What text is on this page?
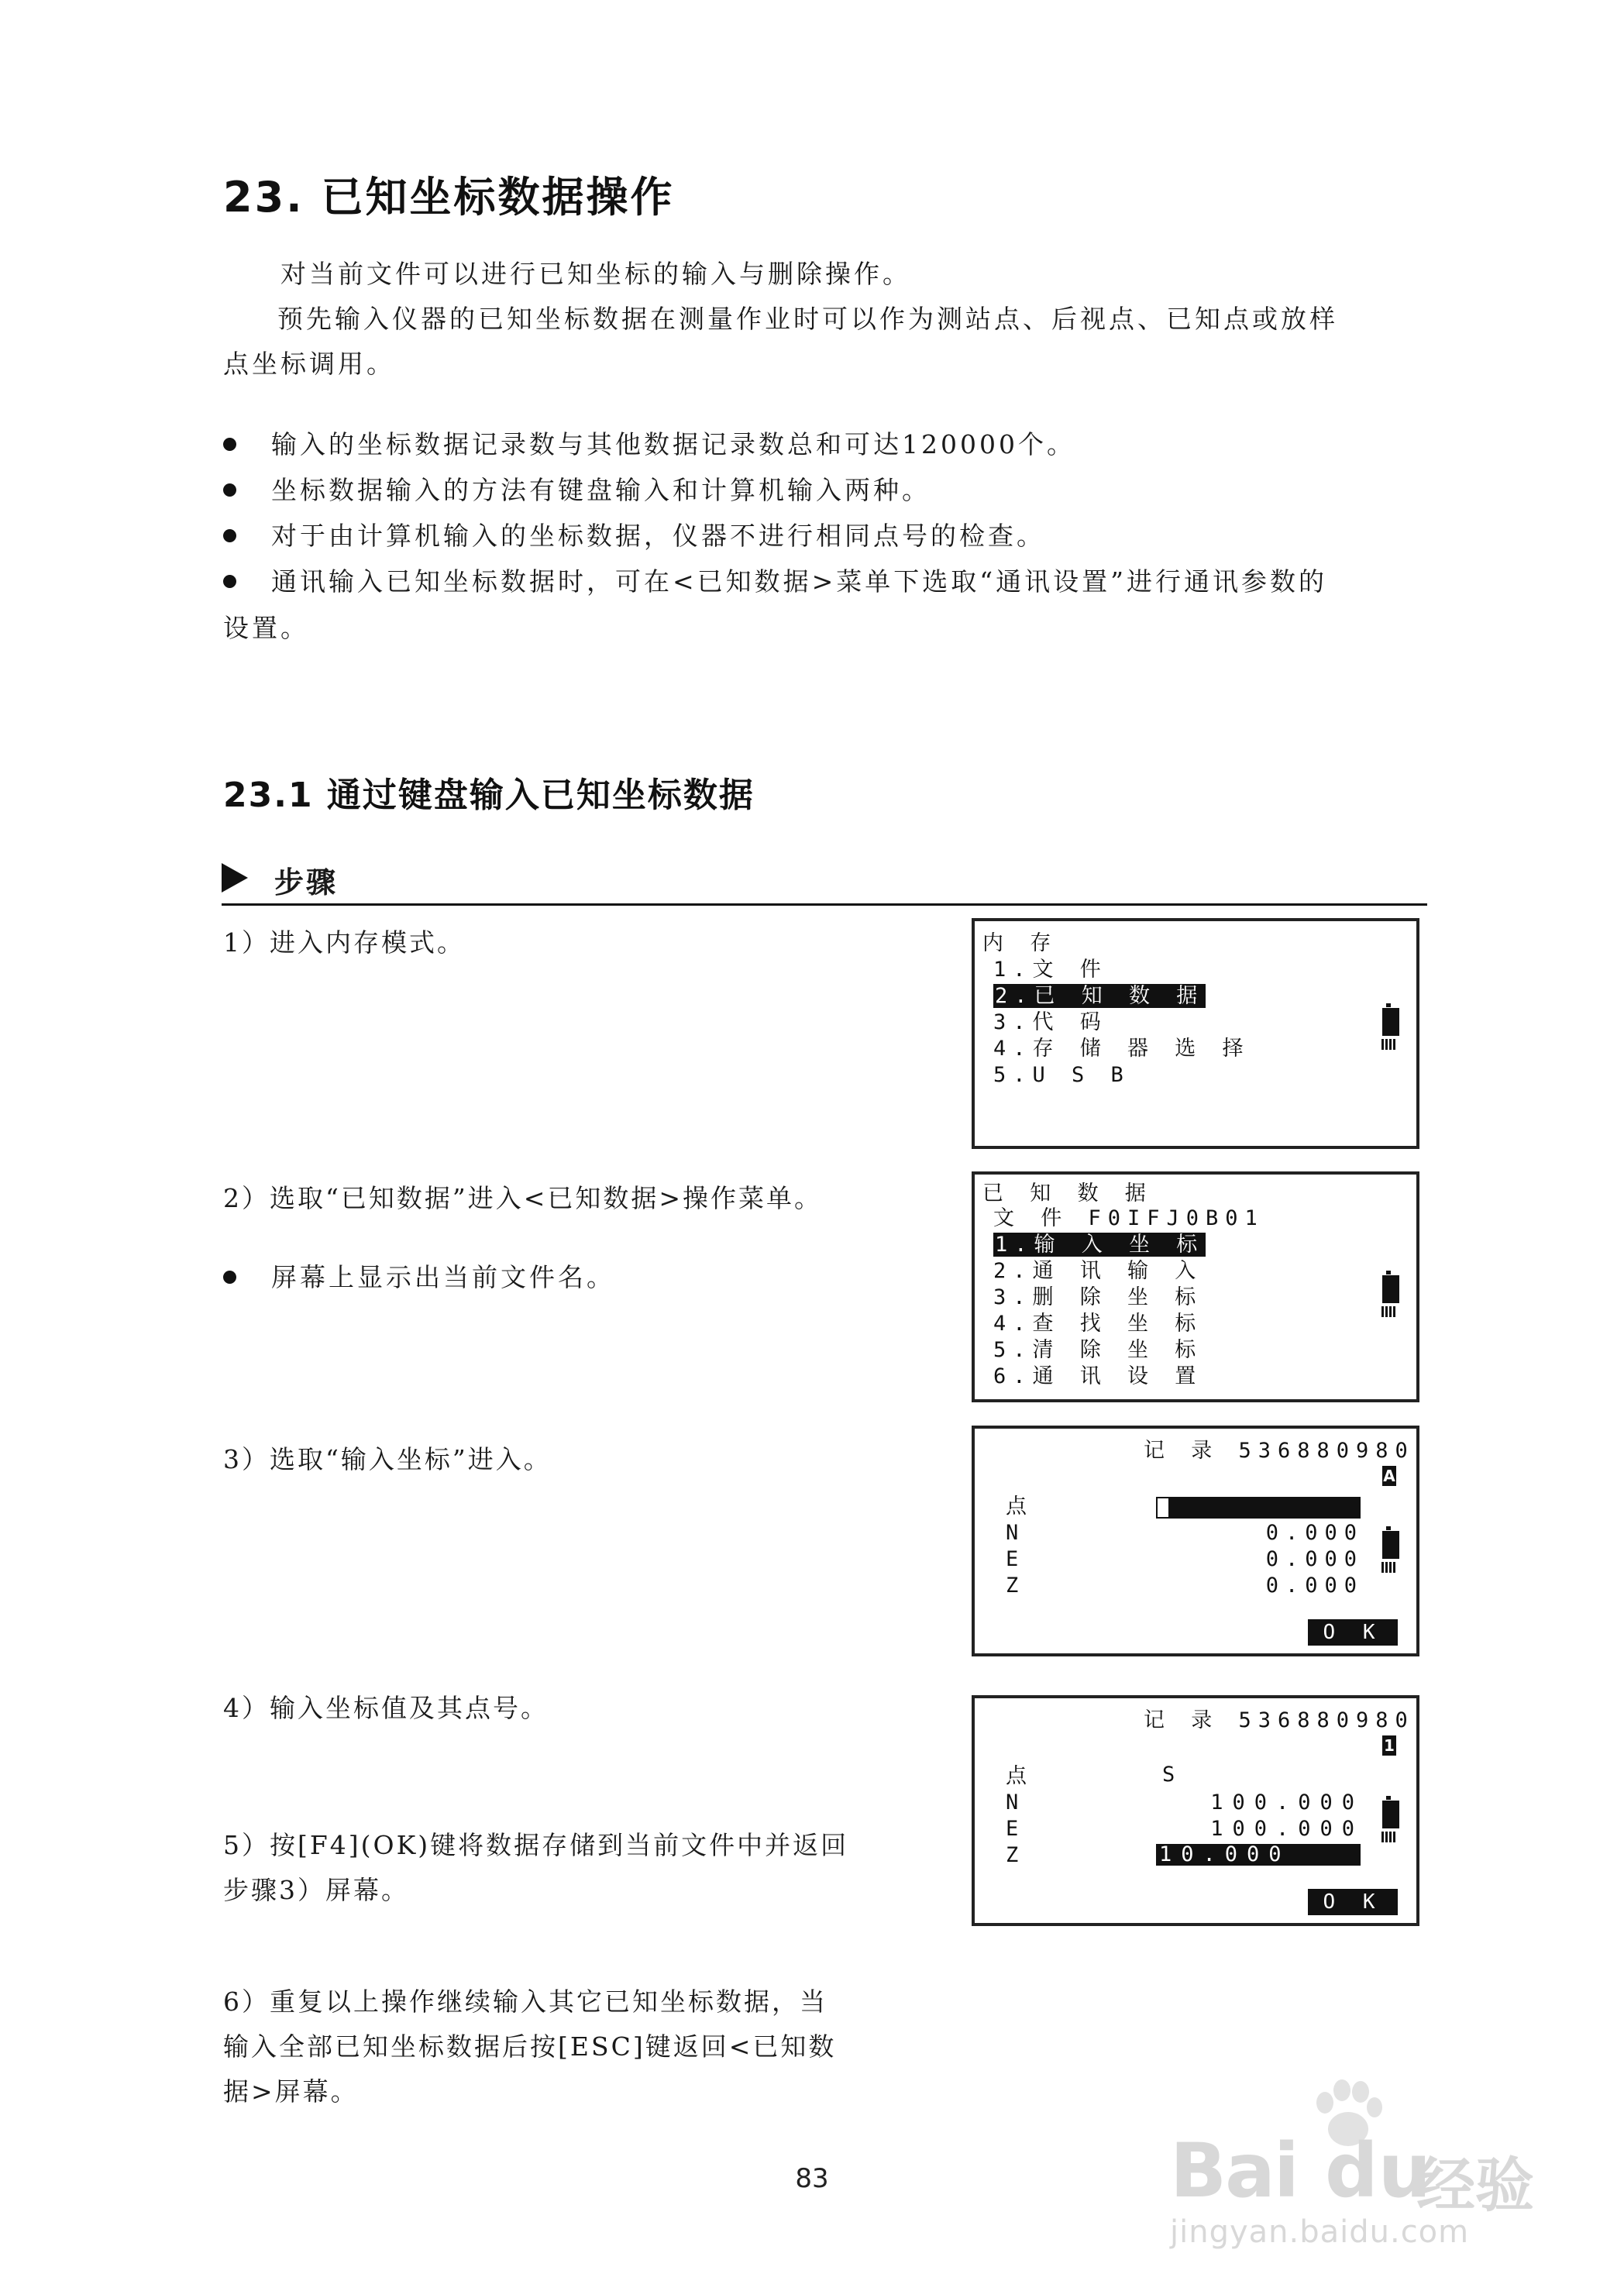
23. 已知坐标数据操作
对当前文件可以进行已知坐标的输入与删除操作。
预先输入仪器的已知坐标数据在测量作业时可以作为测站点、后视点、已知点或放样
点坐标调用。
输入的坐标数据记录数与其他数据记录数总和可达120000个。
坐标数据输入的方法有键盘输入和计算机输入两种。
对于由计算机输入的坐标数据，仪器不进行相同点号的检查。
通讯输入已知坐标数据时，可在<已知数据>菜单下选取“通讯设置”进行通讯参数的
设置。
23.1 通过键盘输入已知坐标数据
步骤
1）进入内存模式。
2）选取“已知数据”进入<已知数据>操作菜单。
屏幕上显示出当前文件名。
3）选取“输入坐标”进入。
4）输入坐标值及其点号。
5）按[F4](OK)键将数据存储到当前文件中并返回
步骤3）屏幕。
6）重复以上操作继续输入其它已知坐标数据，当
输入全部已知坐标数据后按[ESC]键返回<已知数
据>屏幕。
内 存
1.文 件
2.已 知 数 据
3.代 码
4.存 储 器 选 择
5.U S B
已 知 数 据
文 件 F0IFJ0B01
1.输 入 坐 标
2.通 讯 输 入
3.删 除 坐 标
4.查 找 坐 标
5.清 除 坐 标
6.通 讯 设 置
记 录 536880980
A
点
N	0.000
E	0.000
Z	0.000
O K
记 录 536880980
1
点	S
N	100.000
E	100.000
Z	10.000
O K
83	Bai du
经验
jingyan.baidu.com
